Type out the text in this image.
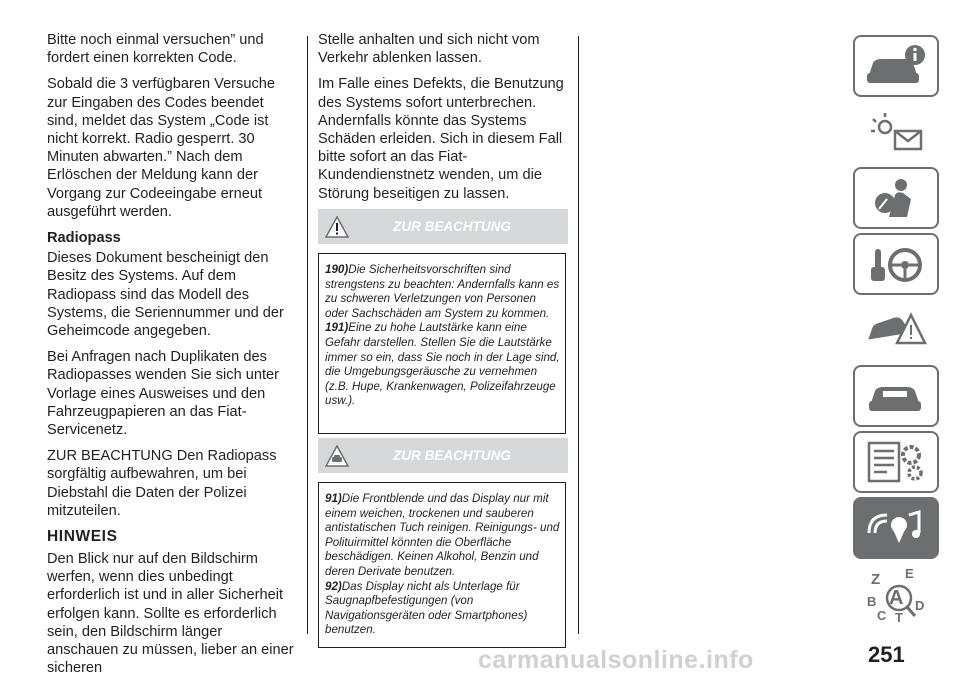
Bitte noch einmal versuchen” und fordert einen korrekten Code.

Sobald die 3 verfügbaren Versuche zur Eingaben des Codes beendet sind, meldet das System „Code ist nicht korrekt. Radio gesperrt. 30 Minuten abwarten.” Nach dem Erlöschen der Meldung kann der Vorgang zur Codeeingabe erneut ausgeführt werden.

Radiopass

Dieses Dokument bescheinigt den Besitz des Systems. Auf dem Radiopass sind das Modell des Systems, die Seriennummer und der Geheimcode angegeben.

Bei Anfragen nach Duplikaten des Radiopasses wenden Sie sich unter Vorlage eines Ausweises und den Fahrzeugpapieren an das Fiat-Servicenetz.

ZUR BEACHTUNG Den Radiopass sorgfältig aufbewahren, um bei Diebstahl die Daten der Polizei mitzuteilen.

HINWEIS

Den Blick nur auf den Bildschirm werfen, wenn dies unbedingt erforderlich ist und in aller Sicherheit erfolgen kann. Sollte es erforderlich sein, den Bildschirm länger anschauen zu müssen, lieber an einer sicheren

Stelle anhalten und sich nicht vom Verkehr ablenken lassen.

Im Falle eines Defekts, die Benutzung des Systems sofort unterbrechen. Andernfalls könnte das Systems Schäden erleiden. Sich in diesem Fall bitte sofort an das Fiat-Kundendienstnetz wenden, um die Störung beseitigen zu lassen.

ZUR BEACHTUNG

190)Die Sicherheitsvorschriften sind strengstens zu beachten: Andernfalls kann es zu schweren Verletzungen von Personen oder Sachschäden am System zu kommen.

191)Eine zu hohe Lautstärke kann eine Gefahr darstellen. Stellen Sie die Lautstärke immer so ein, dass Sie noch in der Lage sind, die Umgebungsgeräusche zu vernehmen (z.B. Hupe, Krankenwagen, Polizeifahrzeuge usw.).

ZUR BEACHTUNG

91)Die Frontblende und das Display nur mit einem weichen, trockenen und sauberen antistatischen Tuch reinigen. Reinigungs- und Polituirmittel könnten die Oberfläche beschädigen. Keinen Alkohol, Benzin und deren Derivate benutzen.

92)Das Display nicht als Unterlage für Saugnapfbefestigungen (von Navigationsgeräten oder Smartphones) benutzen.

Z E
B A
C T
D
251
carmanualsonline.info
